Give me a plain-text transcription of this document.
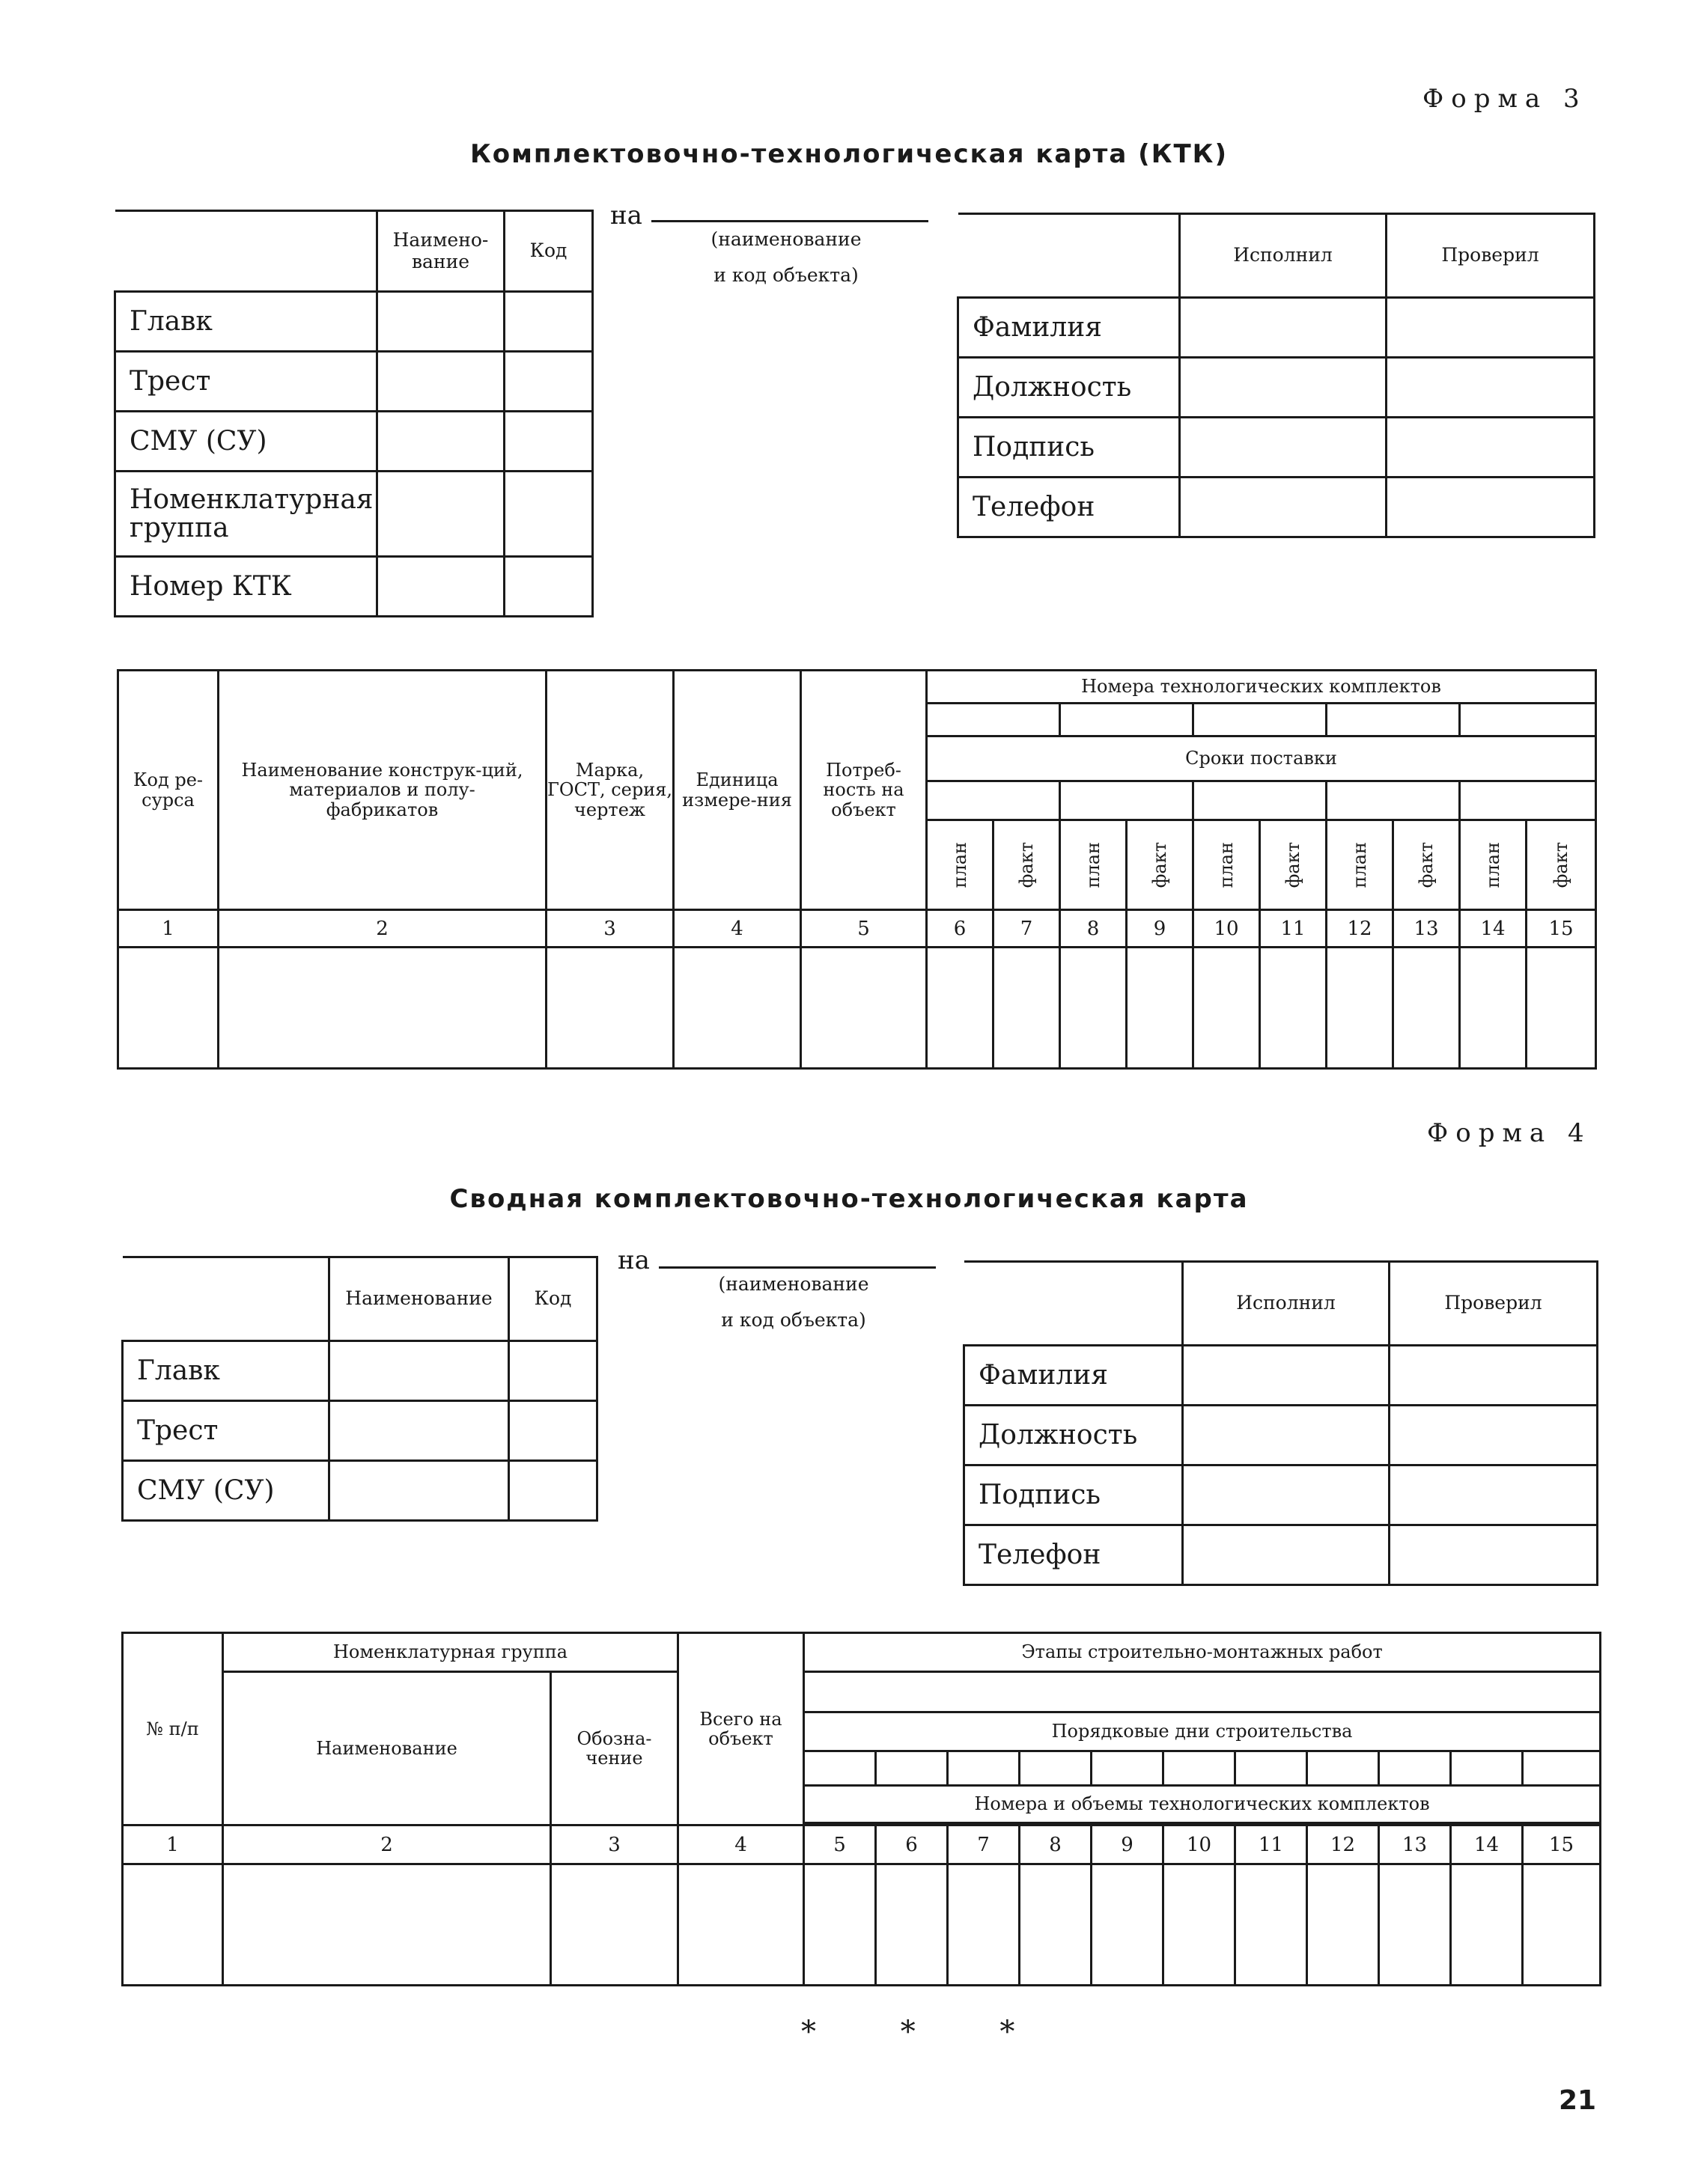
Форма 3
Комплектовочно-технологическая карта (КТК)
	Наимено-вание	Код
Главк		
Трест		
СМУ (СУ)		
Номенклатурная группа		
Номер КТК		
на
(наименование
и код объекта)
	Исполнил	Проверил
Фамилия		
Должность		
Подпись		
Телефон		
Код ре-сурса	Наименование конструк-ций, материалов и полу-фабрикатов	Марка, ГОСТ, серия, чертеж	Единица измере-ния	Потреб-ность на объект	Номера технологических комплектов									

					Сроки поставки									

					план	факт	план	факт	план	факт	план	факт	план	факт

1	2	3	4	5	6	7	8	9	10	11	12	13	14	15

Форма 4
Сводная комплектовочно-технологическая карта
	Наименование	Код
Главк		
Трест		
СМУ (СУ)		
на
(наименование
и код объекта)
	Исполнил	Проверил
Фамилия		
Должность		
Подпись		
Телефон		
№ п/п	Номенклатурная группа		Всего на объект	Этапы строительно-монтажных работ										
	Наименование	Обозна-чение												
				Порядковые дни строительства										

				Номера и объемы технологических комплектов										

1	2	3	4	5	6	7	8	9	10	11	12	13	14	15

* * *
21
